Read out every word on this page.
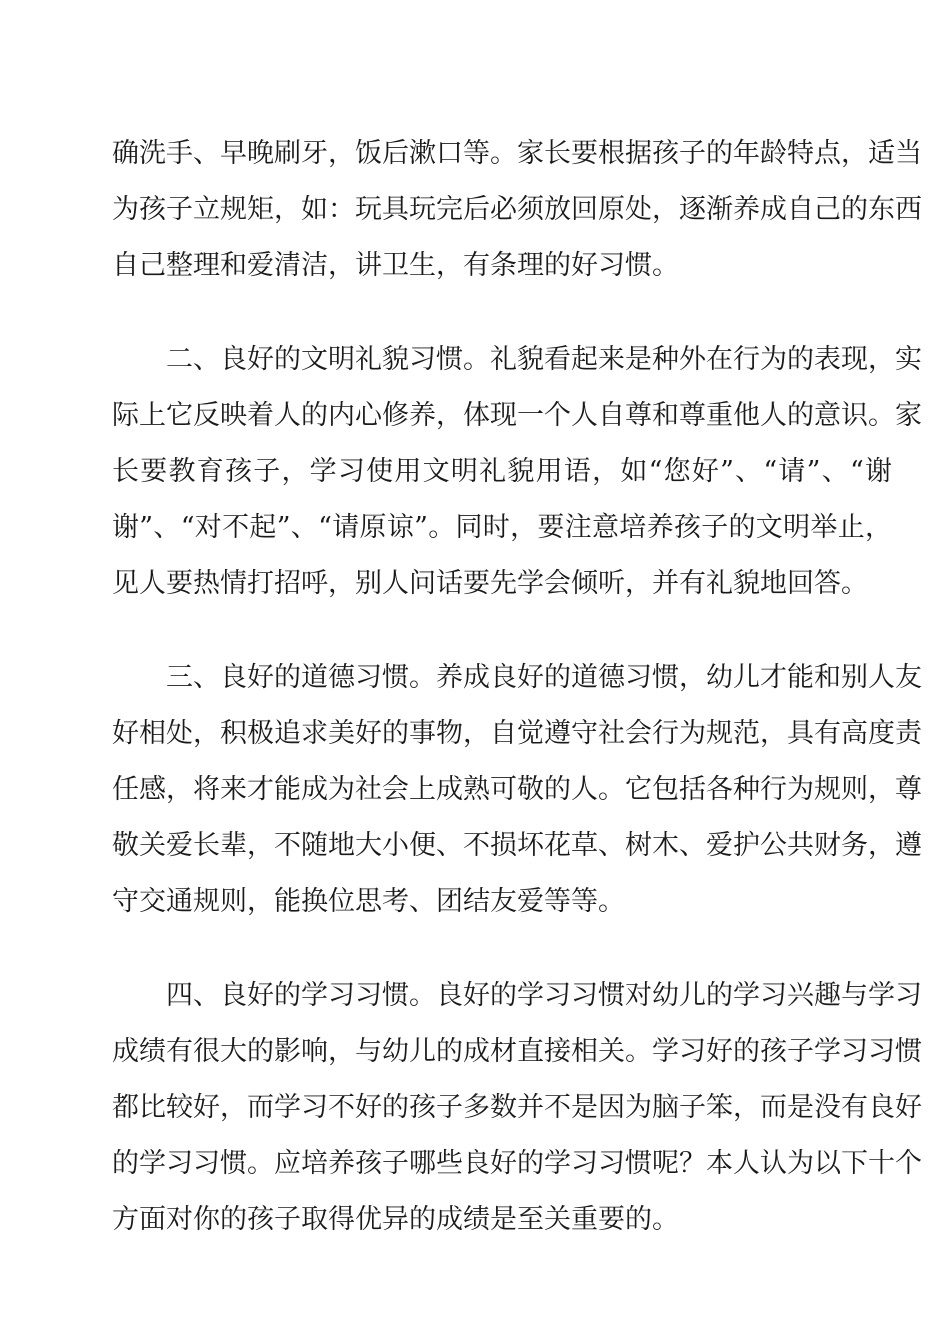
确洗手、早晚刷牙，饭后漱口等。家长要根据孩子的年龄特点，适当
为孩子立规矩，如：玩具玩完后必须放回原处，逐渐养成自己的东西
自己整理和爱清洁，讲卫生，有条理的好习惯。
二、良好的文明礼貌习惯。礼貌看起来是种外在行为的表现，实
际上它反映着人的内心修养，体现一个人自尊和尊重他人的意识。家
长要教育孩子，学习使用文明礼貌用语，如“您好”、“请”、“谢
谢”、“对不起”、“请原谅”。同时，要注意培养孩子的文明举止，
见人要热情打招呼，别人问话要先学会倾听，并有礼貌地回答。
三、良好的道德习惯。养成良好的道德习惯，幼儿才能和别人友
好相处，积极追求美好的事物，自觉遵守社会行为规范，具有高度责
任感，将来才能成为社会上成熟可敬的人。它包括各种行为规则，尊
敬关爱长辈，不随地大小便、不损坏花草、树木、爱护公共财务，遵
守交通规则，能换位思考、团结友爱等等。
四、良好的学习习惯。良好的学习习惯对幼儿的学习兴趣与学习
成绩有很大的影响，与幼儿的成材直接相关。学习好的孩子学习习惯
都比较好，而学习不好的孩子多数并不是因为脑子笨，而是没有良好
的学习习惯。应培养孩子哪些良好的学习习惯呢？本人认为以下十个
方面对你的孩子取得优异的成绩是至关重要的。
